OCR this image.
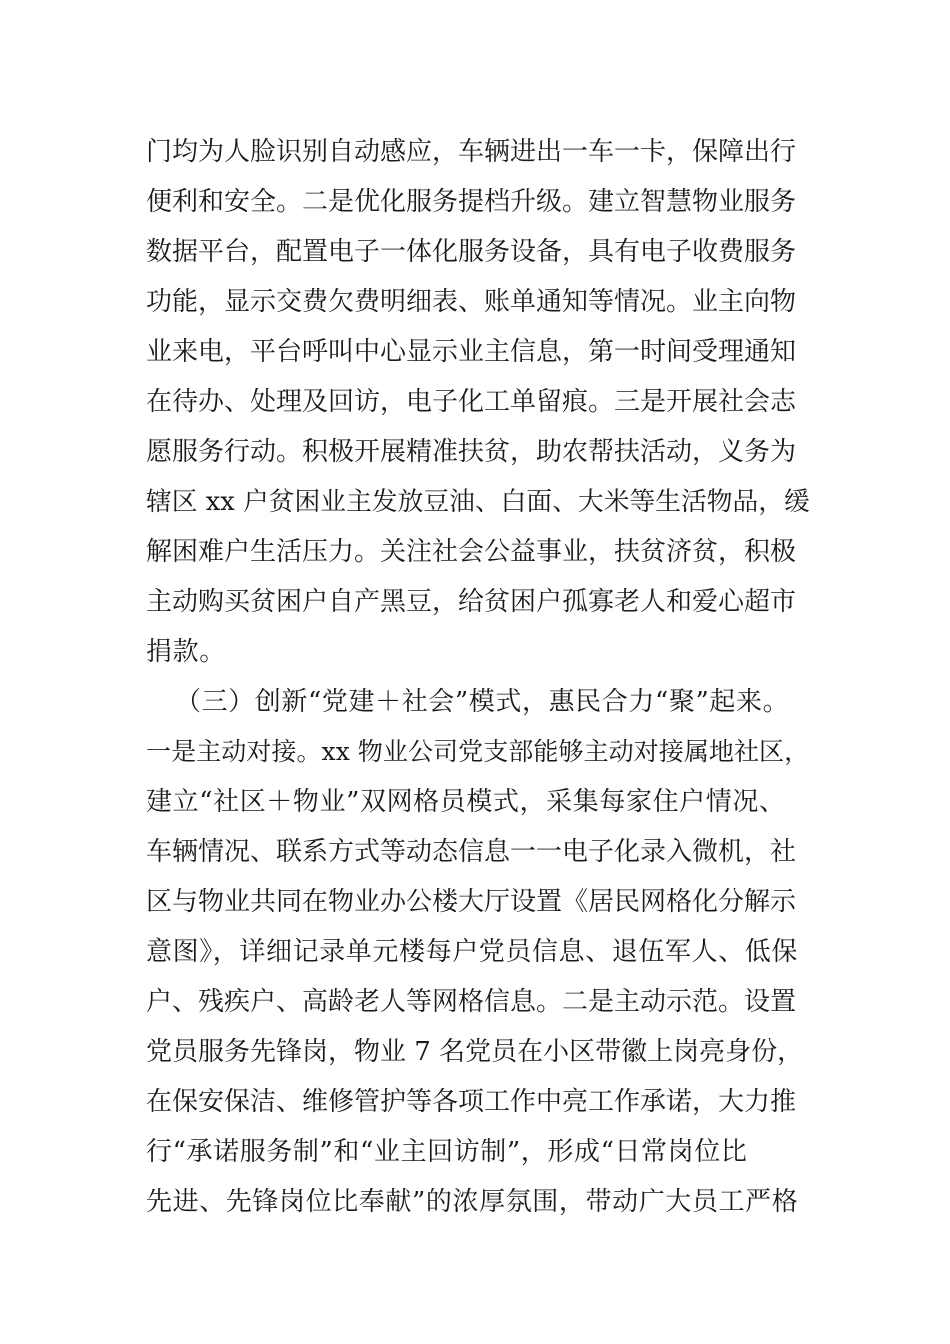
门均为人脸识别自动感应，车辆进出一车一卡，保障出行
便利和安全。二是优化服务提档升级。建立智慧物业服务
数据平台，配置电子一体化服务设备，具有电子收费服务
功能，显示交费欠费明细表、账单通知等情况。业主向物
业来电，平台呼叫中心显示业主信息，第一时间受理通知
在待办、处理及回访，电子化工单留痕。三是开展社会志
愿服务行动。积极开展精准扶贫，助农帮扶活动，义务为
辖区 xx 户贫困业主发放豆油、白面、大米等生活物品，缓
解困难户生活压力。关注社会公益事业，扶贫济贫，积极
主动购买贫困户自产黑豆，给贫困户孤寡老人和爱心超市
捐款。
（三）创新“党建＋社会”模式，惠民合力“聚”起来。
一是主动对接。xx 物业公司党支部能够主动对接属地社区，
建立“社区＋物业”双网格员模式，采集每家住户情况、
车辆情况、联系方式等动态信息一一电子化录入微机，社
区与物业共同在物业办公楼大厅设置《居民网格化分解示
意图》，详细记录单元楼每户党员信息、退伍军人、低保
户、残疾户、高龄老人等网格信息。二是主动示范。设置
党员服务先锋岗，物业 7 名党员在小区带徽上岗亮身份，
在保安保洁、维修管护等各项工作中亮工作承诺，大力推
行“承诺服务制”和“业主回访制”，形成“日常岗位比
先进、先锋岗位比奉献”的浓厚氛围，带动广大员工严格
